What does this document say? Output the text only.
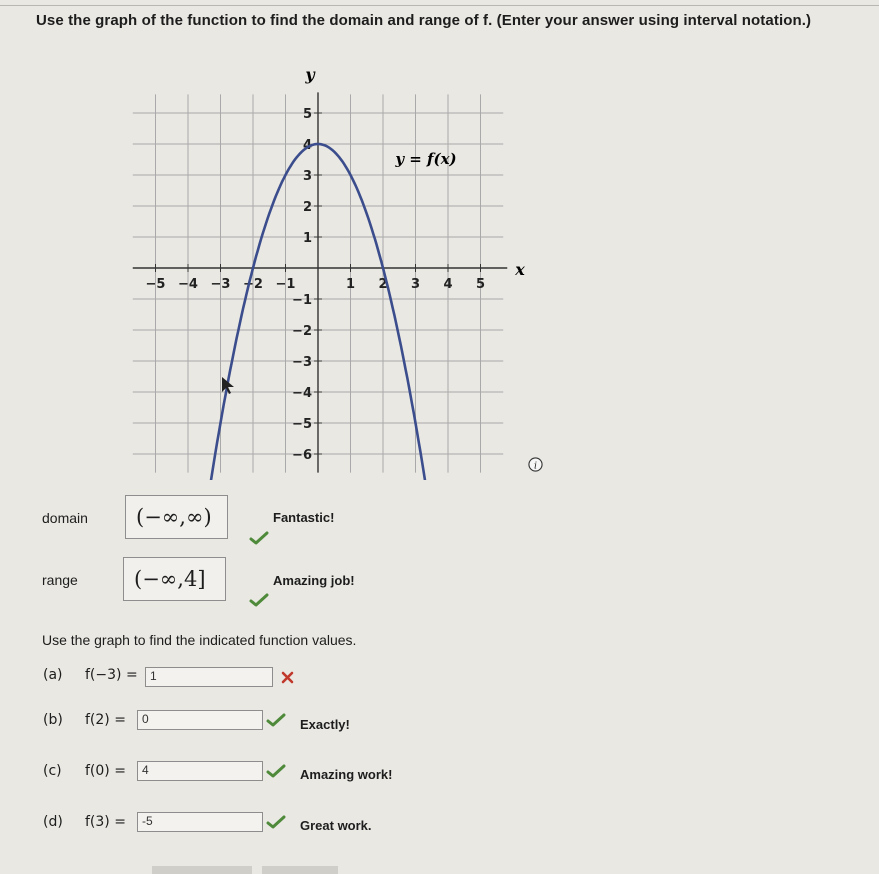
Use the graph of the function to find the domain and range of f. (Enter your answer using interval notation.)
−5 −4 −3 −2 −1	1 2 3 4 5
5
4
3
2
1
−1
−2
−3
−4
−5
−6
y
x
y = f(x)
i
domain	(−∞,∞)	Fantastic!
range	(−∞,4]	Amazing job!
Use the graph to find the indicated function values.
(a) f(−3) =	1
(b) f(2) =	0	Exactly!
(c) f(0) =	4	Amazing work!
(d) f(3) =	-5	Great work.
